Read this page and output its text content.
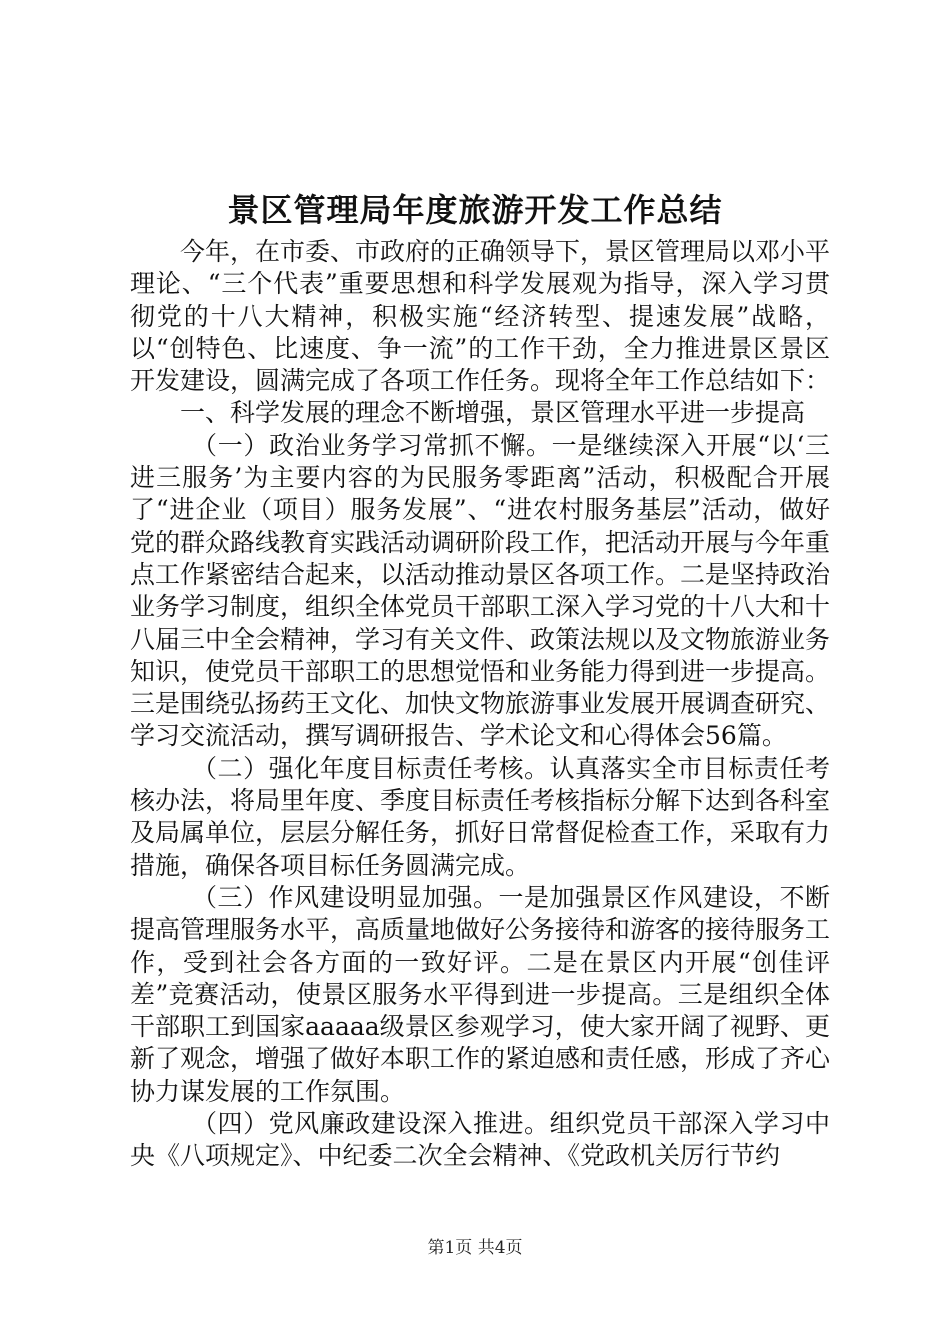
景区管理局年度旅游开发工作总结

今年，在市委、市政府的正确领导下，景区管理局以邓小平理论、“三个代表”重要思想和科学发展观为指导，深入学习贯彻党的十八大精神，积极实施“经济转型、提速发展”战略，以“创特色、比速度、争一流”的工作干劲，全力推进景区景区开发建设，圆满完成了各项工作任务。现将全年工作总结如下：

一、科学发展的理念不断增强，景区管理水平进一步提高

（一）政治业务学习常抓不懈。一是继续深入开展“以‘三进三服务’为主要内容的为民服务零距离”活动，积极配合开展了“进企业（项目）服务发展”、“进农村服务基层”活动，做好党的群众路线教育实践活动调研阶段工作，把活动开展与今年重点工作紧密结合起来，以活动推动景区各项工作。二是坚持政治业务学习制度，组织全体党员干部职工深入学习党的十八大和十八届三中全会精神，学习有关文件、政策法规以及文物旅游业务知识，使党员干部职工的思想觉悟和业务能力得到进一步提高。三是围绕弘扬药王文化、加快文物旅游事业发展开展调查研究、学习交流活动，撰写调研报告、学术论文和心得体会56篇。

（二）强化年度目标责任考核。认真落实全市目标责任考核办法，将局里年度、季度目标责任考核指标分解下达到各科室及局属单位，层层分解任务，抓好日常督促检查工作，采取有力措施，确保各项目标任务圆满完成。

（三）作风建设明显加强。一是加强景区作风建设，不断提高管理服务水平，高质量地做好公务接待和游客的接待服务工作，受到社会各方面的一致好评。二是在景区内开展“创佳评差”竞赛活动，使景区服务水平得到进一步提高。三是组织全体干部职工到国家aaaaa级景区参观学习，使大家开阔了视野、更新了观念，增强了做好本职工作的紧迫感和责任感，形成了齐心协力谋发展的工作氛围。

（四）党风廉政建设深入推进。组织党员干部深入学习中央《八项规定》、中纪委二次全会精神、《党政机关厉行节约

第1页 共4页
